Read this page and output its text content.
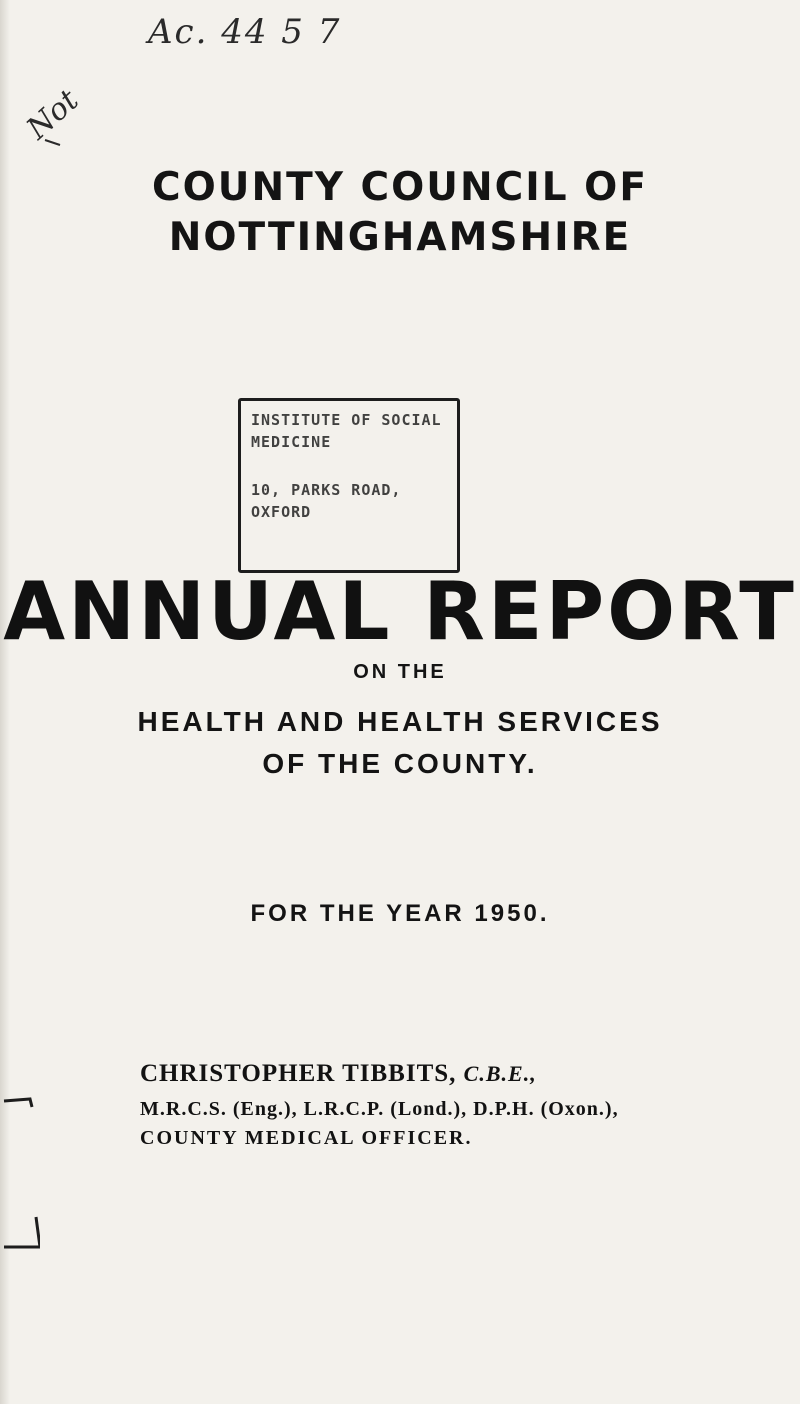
Ac. 44 5 7
Not
COUNTY COUNCIL OF
NOTTINGHAMSHIRE
INSTITUTE OF SOCIAL
MEDICINE
10, PARKS ROAD,
OXFORD
ANNUAL REPORT
ON THE
HEALTH AND HEALTH SERVICES
OF THE COUNTY.
FOR THE YEAR 1950.
CHRISTOPHER TIBBITS, C.B.E.,
M.R.C.S. (Eng.), L.R.C.P. (Lond.), D.P.H. (Oxon.),
COUNTY MEDICAL OFFICER.
